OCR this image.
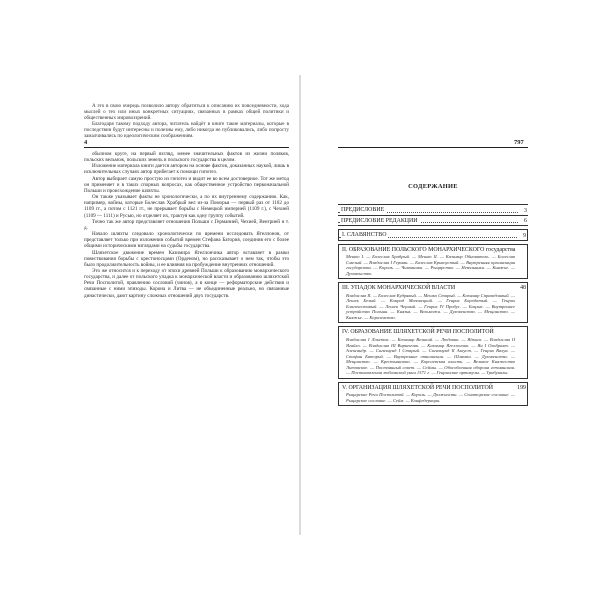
А это в свою очередь позволило автору обратиться к описанию их повседневности, хода мыслей о тех или иных конкретных ситуациях, связанных в рамках общей политики и общественных мировоззрений.

Благодаря такому подходу автора, читатель найдёт в книге такие материалы, которые в последствии будут интересны и полезны ему, либо никогда не публиковались, либо попросту замалчивались по идеологическим соображениям.

4

обычном круге, на первый взгляд, менее значительных фактов из жизни поляков, польских вельмож, польских земель и польского государства в целом.

Изложение материала книги дается автором на основе фактов, доказанных наукой, лишь в исключительных случаях автор прибегает к помощи гипотез.

Автор выбирает самую простую из гипотез и видит ее во всем достоверное. Тот же метод он применяет и в таких спорных вопросах, как общественное устройство первоначальной Польши и происхождение шляхты.

Он также указывает факты не хронологически, а по их внутреннему содержанию. Как, например, войны, которые Болеслав Храбрый вел из-за Поморья — первый раз от 1102 до 1109 гг., а потом с 1121 гг., не прерывает борьбы с Немецкой империей (1109 г.), с Чехией (1109 — 1111) и Русью, но отделяет их, трактуя как одну группу событий.

Точно так же автор представляет отношения Польши с Германией, Чехией, Венгрией и т. д.

Начало шляхты следовало хронологически по времени исследовать Ягеллонов, от представляет только при изложении событий времен Стефана Батория, соединив его с более общими историческими взглядами на судьбы государства.

Шляхетское движение времен Казимира Ягеллончика автор вставляет в рамки повествования борьбы с крестоносцами (Орденом), но рассказывает о нем так, чтобы это было продолжительность войны, и ее влияния на пробуждение внутренних отношений.

Это же относится и к переходу от эпохи древней Польши к образованию монархического государства, и далее от польского упадка к монархической власти и образованию шляхетской Речи Посполитой, правлению сословий (чинов), а в конце — реформаторские действия и связанные с ними эпизоды. Корона и Литва — не объединенные реально, но связанные династически, дают картину сложных отношений двух государств.

797
СОДЕРЖАНИЕ
ПРЕДИСЛОВИЕ	3
ПРЕДИСЛОВИЕ РЕДАКЦИИ	6
I. СЛАВЯНСТВО	9
II. ОБРАЗОВАНИЕ ПОЛЬСКОГО МОНАРХИЧЕСКОГО государства
Мешко I. — Болеслав Храбрый. — Мешко II. — Казимир Обновитель. — Болеслав Смелый. — Владислав I Герман. — Болеслав Кривоустый. — Внутренняя организация государства. — Король. — Чиновники. — Рыцарство. — Невольники. — Княжье. — Духовенство.
III. УПАДОК МОНАРХИЧЕСКОЙ ВЛАСТИ	48
Владислав II. — Болеслав Кудрявый. — Мешко Старый. — Казимир Справедливый. — Лешек Белый. — Конрад Мазовецкий. — Генрих Бородатый. — Генрих Благочестивый. — Лешек Черный. — Генрих IV Пробус. — Бицлик. — Внутреннее устройство Польши. — Князья. — Вельможи. — Духовенство. — Мещанство. — Княжье. — Королевство.
IV. ОБРАЗОВАНИЕ ШЛЯХЕТСКОЙ РЕЧИ ПОСПОЛИТОЙ
Владислав I Локеток. — Казимир Великий. — Людовик. — Ядвига. — Владислав II Ягайло. — Владислав III Варненчик. — Казимир Ягеллончик. — Ян I Ольбрахт. — Александр. — Сигизмунд I Старый. — Сигизмунд II Август. — Генрих Валуа. — Стефан Баторий. — Внутренние отношения. — Шляхта. — Духовенство. — Мещанство. — Крестьянство. — Королевская власть. — Великое Княжество Литовское. — Постоянный совет. — Сеймы. — Обособленная оборона гетманская. — Постановления люблинской унии 1571 г. — Генрихские артикулы. — Трибуналы.
V. ОРГАНИЗАЦИЯ ШЛЯХЕТСКОЙ РЕЧИ ПОСПОЛИТОЙ	199
Рыцарские Речи Посполитой. — Король. — Должности. — Сенаторское сословие. — Рыцарское сословие. — Сейм. — Конфедерации.
